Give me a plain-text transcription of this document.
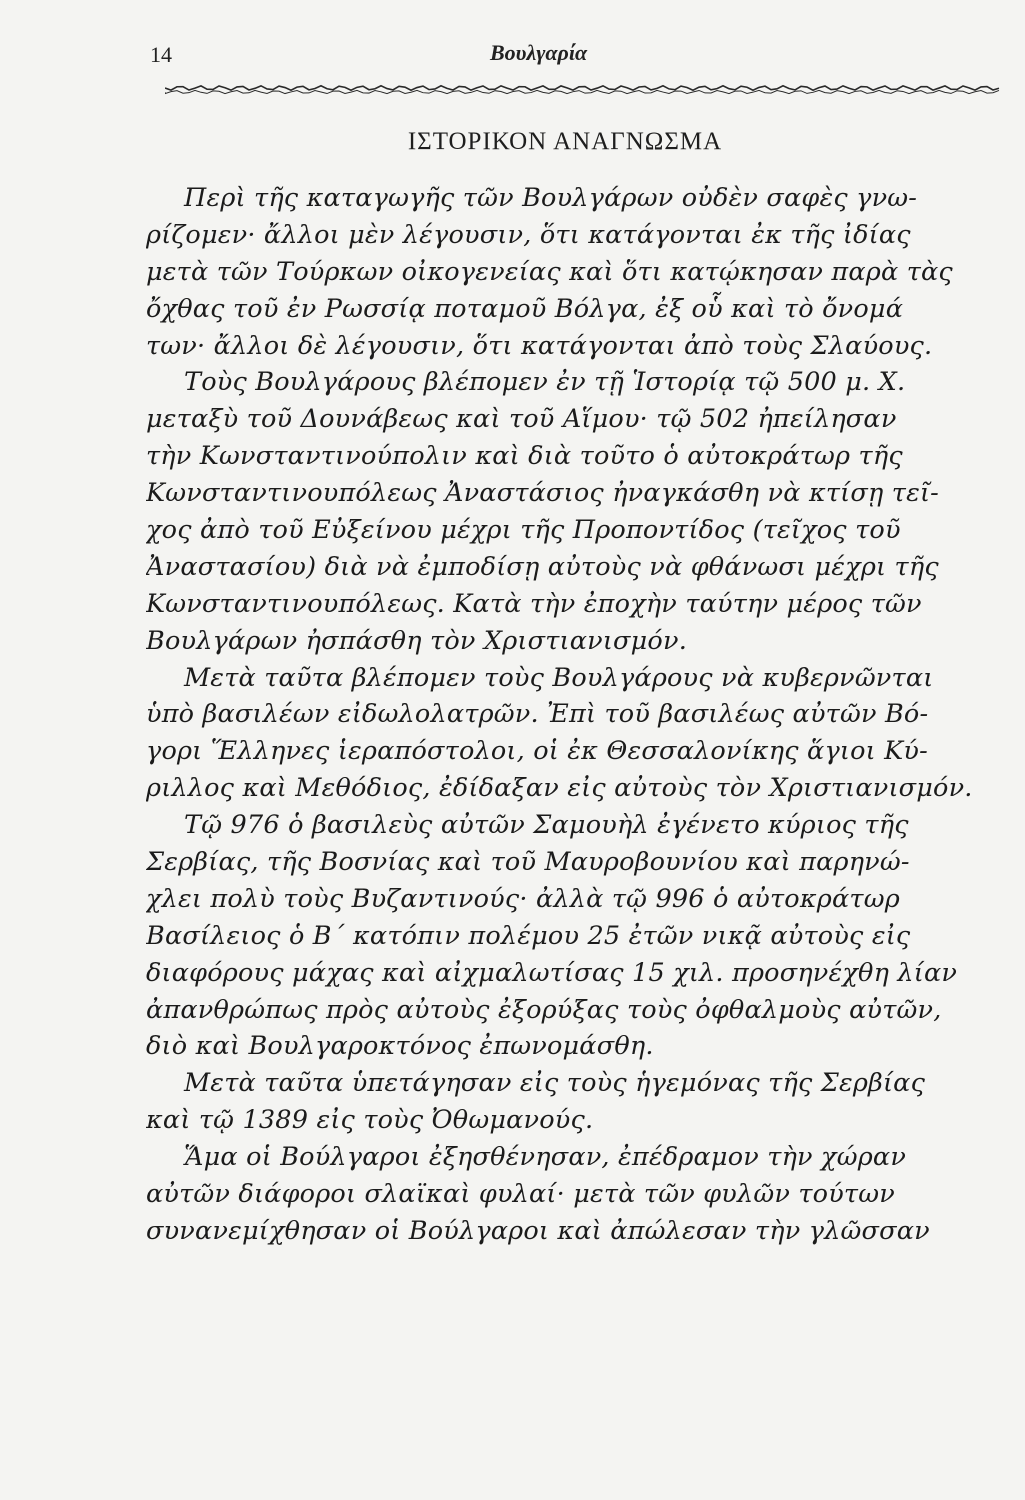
14	Βουλγαρία
ΙΣΤΟΡΙΚΟΝ ΑΝΑΓΝΩΣΜΑ
Περὶ τῆς καταγωγῆς τῶν Βουλγάρων οὐδὲν σαφὲς γνω-
ρίζομεν· ἄλλοι μὲν λέγουσιν, ὅτι κατάγονται ἐκ τῆς ἰδίας
μετὰ τῶν Τούρκων οἰκογενείας καὶ ὅτι κατῴκησαν παρὰ τὰς
ὄχθας τοῦ ἐν Ρωσσίᾳ ποταμοῦ Βόλγα, ἐξ οὗ καὶ τὸ ὄνομά
των· ἄλλοι δὲ λέγουσιν, ὅτι κατάγονται ἀπὸ τοὺς Σλαύους.
Τοὺς Βουλγάρους βλέπομεν ἐν τῇ Ἱστορίᾳ τῷ 500 μ. Χ.
μεταξὺ τοῦ Δουνάβεως καὶ τοῦ Αἵμου· τῷ 502 ἠπείλησαν
τὴν Κωνσταντινούπολιν καὶ διὰ τοῦτο ὁ αὐτοκράτωρ τῆς
Κωνσταντινουπόλεως Ἀναστάσιος ἠναγκάσθη νὰ κτίσῃ τεῖ-
χος ἀπὸ τοῦ Εὐξείνου μέχρι τῆς Προποντίδος (τεῖχος τοῦ
Ἀναστασίου) διὰ νὰ ἐμποδίσῃ αὐτοὺς νὰ φθάνωσι μέχρι τῆς
Κωνσταντινουπόλεως. Κατὰ τὴν ἐποχὴν ταύτην μέρος τῶν
Βουλγάρων ἠσπάσθη τὸν Χριστιανισμόν.
Μετὰ ταῦτα βλέπομεν τοὺς Βουλγάρους νὰ κυβερνῶνται
ὑπὸ βασιλέων εἰδωλολατρῶν. Ἐπὶ τοῦ βασιλέως αὐτῶν Βό-
γορι Ἕλληνες ἱεραπόστολοι, οἱ ἐκ Θεσσαλονίκης ἅγιοι Κύ-
ριλλος καὶ Μεθόδιος, ἐδίδαξαν εἰς αὐτοὺς τὸν Χριστιανισμόν.
Τῷ 976 ὁ βασιλεὺς αὐτῶν Σαμουὴλ ἐγένετο κύριος τῆς
Σερβίας, τῆς Βοσνίας καὶ τοῦ Μαυροβουνίου καὶ παρηνώ-
χλει πολὺ τοὺς Βυζαντινούς· ἀλλὰ τῷ 996 ὁ αὐτοκράτωρ
Βασίλειος ὁ Β΄ κατόπιν πολέμου 25 ἐτῶν νικᾷ αὐτοὺς εἰς
διαφόρους μάχας καὶ αἰχμαλωτίσας 15 χιλ. προσηνέχθη λίαν
ἀπανθρώπως πρὸς αὐτοὺς ἐξορύξας τοὺς ὀφθαλμοὺς αὐτῶν,
διὸ καὶ Βουλγαροκτόνος ἐπωνομάσθη.
Μετὰ ταῦτα ὑπετάγησαν εἰς τοὺς ἡγεμόνας τῆς Σερβίας
καὶ τῷ 1389 εἰς τοὺς Ὀθωμανούς.
Ἅμα οἱ Βούλγαροι ἐξησθένησαν, ἐπέδραμον τὴν χώραν
αὐτῶν διάφοροι σλαϊκαὶ φυλαί· μετὰ τῶν φυλῶν τούτων
συνανεμίχθησαν οἱ Βούλγαροι καὶ ἀπώλεσαν τὴν γλῶσσαν
